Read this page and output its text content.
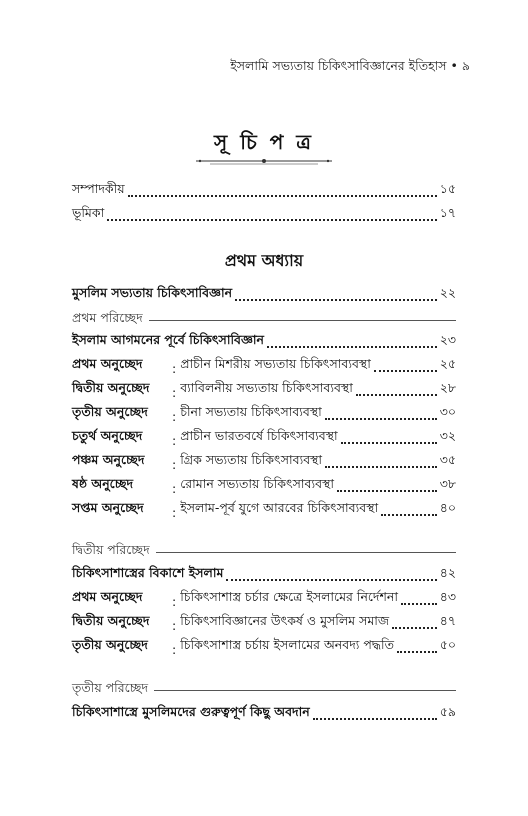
ইসলামি সভ্যতায় চিকিৎসাবিজ্ঞানের ইতিহাস • ৯
সূ চি প ত্র
সম্পাদকীয়	১৫
ভূমিকা	১৭
প্রথম অধ্যায়
মুসলিম সভ্যতায় চিকিৎসাবিজ্ঞান	২২
প্রথম পরিচ্ছেদ
ইসলাম আগমনের পূর্বে চিকিৎসাবিজ্ঞান	২৩
প্রথম অনুচ্ছেদ	: প্রাচীন মিশরীয় সভ্যতায় চিকিৎসাব্যবস্থা	২৫
দ্বিতীয় অনুচ্ছেদ	: ব্যাবিলনীয় সভ্যতায় চিকিৎসাব্যবস্থা	২৮
তৃতীয় অনুচ্ছেদ	: চীনা সভ্যতায় চিকিৎসাব্যবস্থা	৩০
চতুর্থ অনুচ্ছেদ	: প্রাচীন ভারতবর্ষে চিকিৎসাব্যবস্থা	৩২
পঞ্চম অনুচ্ছেদ	: গ্রিক সভ্যতায় চিকিৎসাব্যবস্থা	৩৫
ষষ্ঠ অনুচ্ছেদ	: রোমান সভ্যতায় চিকিৎসাব্যবস্থা	৩৮
সপ্তম অনুচ্ছেদ	: ইসলাম-পূর্ব যুগে আরবের চিকিৎসাব্যবস্থা	৪০
দ্বিতীয় পরিচ্ছেদ
চিকিৎসাশাস্ত্রের বিকাশে ইসলাম	৪২
প্রথম অনুচ্ছেদ	: চিকিৎসাশাস্ত্র চর্চার ক্ষেত্রে ইসলামের নির্দেশনা	৪৩
দ্বিতীয় অনুচ্ছেদ	: চিকিৎসাবিজ্ঞানের উৎকর্ষ ও মুসলিম সমাজ	৪৭
তৃতীয় অনুচ্ছেদ	: চিকিৎসাশাস্ত্র চর্চায় ইসলামের অনবদ্য পদ্ধতি	৫০
তৃতীয় পরিচ্ছেদ
চিকিৎসাশাস্ত্রে মুসলিমদের গুরুত্বপূর্ণ কিছু অবদান	৫৯
